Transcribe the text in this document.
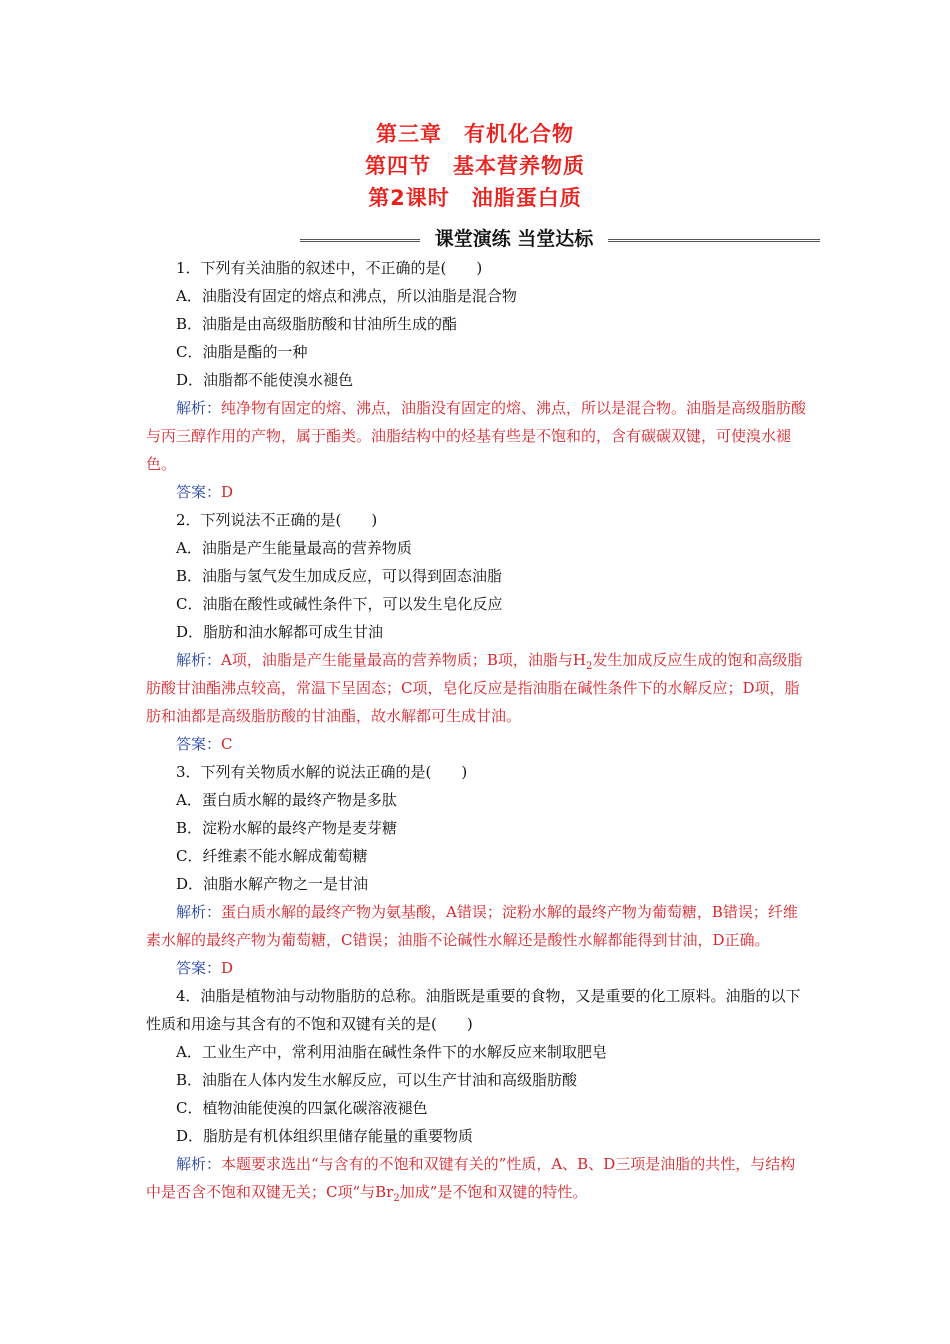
第三章　有机化合物
第四节　基本营养物质
第2课时　油脂蛋白质
课堂演练 当堂达标

1．下列有关油脂的叙述中，不正确的是(　　)

A．油脂没有固定的熔点和沸点，所以油脂是混合物

B．油脂是由高级脂肪酸和甘油所生成的酯

C．油脂是酯的一种

D．油脂都不能使溴水褪色

解析：纯净物有固定的熔、沸点，油脂没有固定的熔、沸点，所以是混合物。油脂是高级脂肪酸与丙三醇作用的产物，属于酯类。油脂结构中的烃基有些是不饱和的，含有碳碳双键，可使溴水褪色。

答案：D

2．下列说法不正确的是(　　)

A．油脂是产生能量最高的营养物质

B．油脂与氢气发生加成反应，可以得到固态油脂

C．油脂在酸性或碱性条件下，可以发生皂化反应

D．脂肪和油水解都可成生甘油

解析：A项，油脂是产生能量最高的营养物质；B项，油脂与$H_2$发生加成反应生成的饱和高级脂肪酸甘油酯沸点较高，常温下呈固态；C项，皂化反应是指油脂在碱性条件下的水解反应；D项，脂肪和油都是高级脂肪酸的甘油酯，故水解都可生成甘油。

答案：C

3．下列有关物质水解的说法正确的是(　　)

A．蛋白质水解的最终产物是多肽

B．淀粉水解的最终产物是麦芽糖

C．纤维素不能水解成葡萄糖

D．油脂水解产物之一是甘油

解析：蛋白质水解的最终产物为氨基酸，A错误；淀粉水解的最终产物为葡萄糖，B错误；纤维素水解的最终产物为葡萄糖，C错误；油脂不论碱性水解还是酸性水解都能得到甘油，D正确。

答案：D

4．油脂是植物油与动物脂肪的总称。油脂既是重要的食物，又是重要的化工原料。油脂的以下性质和用途与其含有的不饱和双键有关的是(　　)

A．工业生产中，常利用油脂在碱性条件下的水解反应来制取肥皂

B．油脂在人体内发生水解反应，可以生产甘油和高级脂肪酸

C．植物油能使溴的四氯化碳溶液褪色

D．脂肪是有机体组织里储存能量的重要物质

解析：本题要求选出“与含有的不饱和双键有关的”性质，A、B、D三项是油脂的共性，与结构中是否含不饱和双键无关；C项“与$Br_2$加成”是不饱和双键的特性。
